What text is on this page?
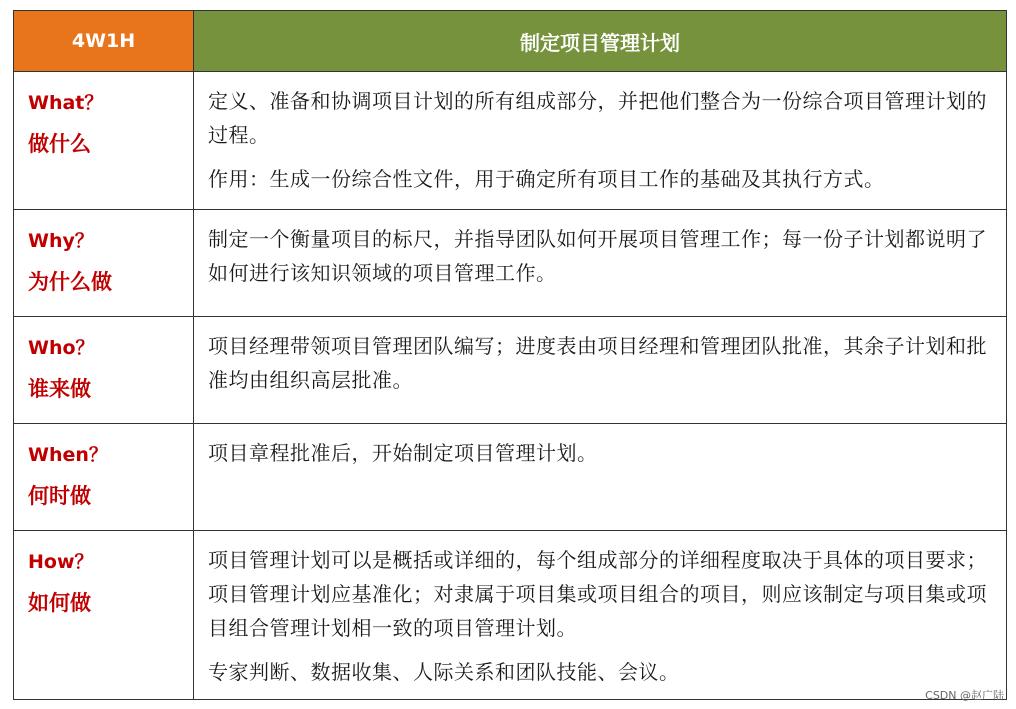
4W1H	制定项目管理计划
What？
做什么
定义、准备和协调项目计划的所有组成部分，并把他们整合为一份综合项目管理计划的过程。
作用：生成一份综合性文件，用于确定所有项目工作的基础及其执行方式。
Why？
为什么做
制定一个衡量项目的标尺，并指导团队如何开展项目管理工作；每一份子计划都说明了如何进行该知识领域的项目管理工作。
Who？
谁来做
项目经理带领项目管理团队编写；进度表由项目经理和管理团队批准，其余子计划和批准均由组织高层批准。
When？
何时做
项目章程批准后，开始制定项目管理计划。
How？
如何做
项目管理计划可以是概括或详细的，每个组成部分的详细程度取决于具体的项目要求；项目管理计划应基准化；对隶属于项目集或项目组合的项目，则应该制定与项目集或项目组合管理计划相一致的项目管理计划。
专家判断、数据收集、人际关系和团队技能、会议。
CSDN @赵广陆
